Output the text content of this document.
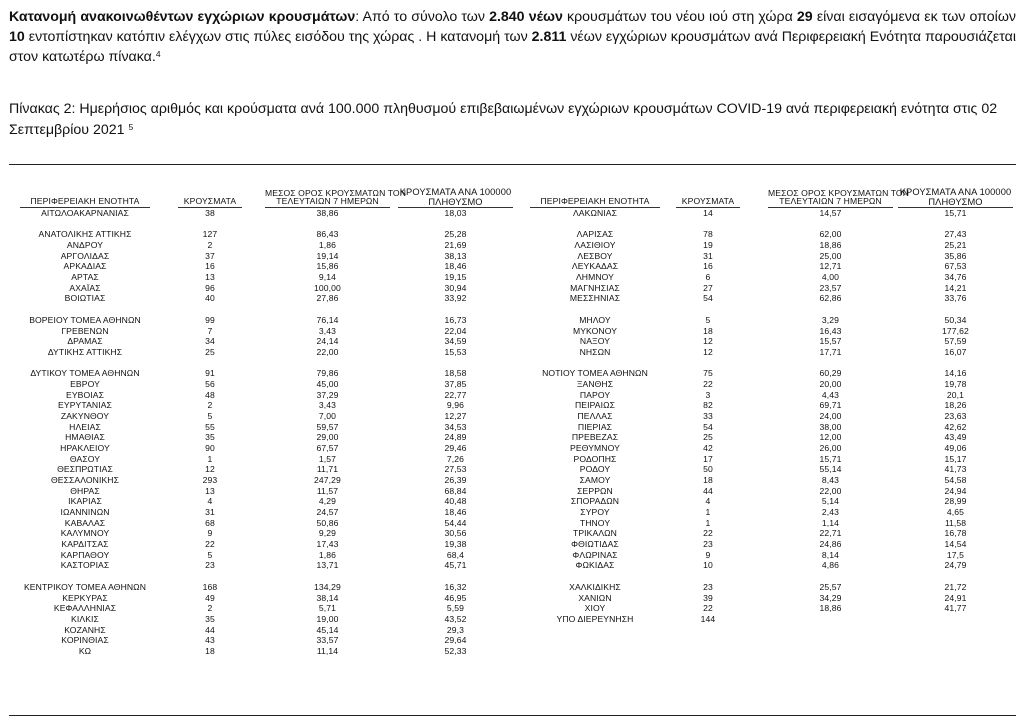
Κατανομή ανακοινωθέντων εγχώριων κρουσμάτων: Από το σύνολο των 2.840 νέων κρουσμάτων του νέου ιού στη χώρα 29 είναι εισαγόμενα εκ των οποίων 10 εντοπίστηκαν κατόπιν ελέγχων στις πύλες εισόδου της χώρας . Η κατανομή των 2.811 νέων εγχώριων κρουσμάτων ανά Περιφερειακή Ενότητα παρουσιάζεται στον κατωτέρω πίνακα.$^4$
Πίνακας 2: Ημερήσιος αριθμός και κρούσματα ανά 100.000 πληθυσμού επιβεβαιωμένων εγχώριων κρουσμάτων COVID-19 ανά περιφερειακή ενότητα στις 02 Σεπτεμβρίου 2021 $^5$
ΠΕΡΙΦΕΡΕΙΑΚΗ ΕΝΟΤΗΤΑ	ΚΡΟΥΣΜΑΤΑ
ΜΕΣΟΣ ΟΡΟΣ ΚΡΟΥΣΜΑΤΩΝ ΤΟΝ
ΤΕΛΕΥΤΑΙΩΝ 7 ΗΜΕΡΩΝ
ΚΡΟΥΣΜΑΤΑ ΑΝΑ 100000
ΠΛΗΘΥΣΜΟ	ΠΕΡΙΦΕΡΕΙΑΚΗ ΕΝΟΤΗΤΑ	ΚΡΟΥΣΜΑΤΑ
ΜΕΣΟΣ ΟΡΟΣ ΚΡΟΥΣΜΑΤΩΝ ΤΟΝ
ΤΕΛΕΥΤΑΙΩΝ 7 ΗΜΕΡΩΝ
ΚΡΟΥΣΜΑΤΑ ΑΝΑ 100000
ΠΛΗΘΥΣΜΟ
ΑΙΤΩΛΟΑΚΑΡΝΑΝΙΑΣ	38	38,86	18,03
ΑΝΑΤΟΛΙΚΗΣ ΑΤΤΙΚΗΣ	127	86,43	25,28
ΑΝΔΡΟΥ	2	1,86	21,69
ΑΡΓΟΛΙΔΑΣ	37	19,14	38,13
ΑΡΚΑΔΙΑΣ	16	15,86	18,46
ΑΡΤΑΣ	13	9,14	19,15
ΑΧΑΪΑΣ	96	100,00	30,94
ΒΟΙΩΤΙΑΣ	40	27,86	33,92
ΒΟΡΕΙΟΥ ΤΟΜΕΑ ΑΘΗΝΩΝ	99	76,14	16,73
ΓΡΕΒΕΝΩΝ	7	3,43	22,04
ΔΡΑΜΑΣ	34	24,14	34,59
ΔΥΤΙΚΗΣ ΑΤΤΙΚΗΣ	25	22,00	15,53
ΔΥΤΙΚΟΥ ΤΟΜΕΑ ΑΘΗΝΩΝ	91	79,86	18,58
ΕΒΡΟΥ	56	45,00	37,85
ΕΥΒΟΙΑΣ	48	37,29	22,77
ΕΥΡΥΤΑΝΙΑΣ	2	3,43	9,96
ΖΑΚΥΝΘΟΥ	5	7,00	12,27
ΗΛΕΙΑΣ	55	59,57	34,53
ΗΜΑΘΙΑΣ	35	29,00	24,89
ΗΡΑΚΛΕΙΟΥ	90	67,57	29,46
ΘΑΣΟΥ	1	1,57	7,26
ΘΕΣΠΡΩΤΙΑΣ	12	11,71	27,53
ΘΕΣΣΑΛΟΝΙΚΗΣ	293	247,29	26,39
ΘΗΡΑΣ	13	11,57	68,84
ΙΚΑΡΙΑΣ	4	4,29	40,48
ΙΩΑΝΝΙΝΩΝ	31	24,57	18,46
ΚΑΒΑΛΑΣ	68	50,86	54,44
ΚΑΛΥΜΝΟΥ	9	9,29	30,56
ΚΑΡΔΙΤΣΑΣ	22	17,43	19,38
ΚΑΡΠΑΘΟΥ	5	1,86	68,4
ΚΑΣΤΟΡΙΑΣ	23	13,71	45,71
ΚΕΝΤΡΙΚΟΥ ΤΟΜΕΑ ΑΘΗΝΩΝ	168	134,29	16,32
ΚΕΡΚΥΡΑΣ	49	38,14	46,95
ΚΕΦΑΛΛΗΝΙΑΣ	2	5,71	5,59
ΚΙΛΚΙΣ	35	19,00	43,52
ΚΟΖΑΝΗΣ	44	45,14	29,3
ΚΟΡΙΝΘΙΑΣ	43	33,57	29,64
ΚΩ	18	11,14	52,33
ΛΑΚΩΝΙΑΣ	14	14,57	15,71
ΛΑΡΙΣΑΣ	78	62,00	27,43
ΛΑΣΙΘΙΟΥ	19	18,86	25,21
ΛΕΣΒΟΥ	31	25,00	35,86
ΛΕΥΚΑΔΑΣ	16	12,71	67,53
ΛΗΜΝΟΥ	6	4,00	34,76
ΜΑΓΝΗΣΙΑΣ	27	23,57	14,21
ΜΕΣΣΗΝΙΑΣ	54	62,86	33,76
ΜΗΛΟΥ	5	3,29	50,34
ΜΥΚΟΝΟΥ	18	16,43	177,62
ΝΑΞΟΥ	12	15,57	57,59
ΝΗΣΩΝ	12	17,71	16,07
ΝΟΤΙΟΥ ΤΟΜΕΑ ΑΘΗΝΩΝ	75	60,29	14,16
ΞΑΝΘΗΣ	22	20,00	19,78
ΠΑΡΟΥ	3	4,43	20,1
ΠΕΙΡΑΙΩΣ	82	69,71	18,26
ΠΕΛΛΑΣ	33	24,00	23,63
ΠΙΕΡΙΑΣ	54	38,00	42,62
ΠΡΕΒΕΖΑΣ	25	12,00	43,49
ΡΕΘΥΜΝΟΥ	42	26,00	49,06
ΡΟΔΟΠΗΣ	17	15,71	15,17
ΡΟΔΟΥ	50	55,14	41,73
ΣΑΜΟΥ	18	8,43	54,58
ΣΕΡΡΩΝ	44	22,00	24,94
ΣΠΟΡΑΔΩΝ	4	5,14	28,99
ΣΥΡΟΥ	1	2,43	4,65
ΤΗΝΟΥ	1	1,14	11,58
ΤΡΙΚΑΛΩΝ	22	22,71	16,78
ΦΘΙΩΤΙΔΑΣ	23	24,86	14,54
ΦΛΩΡΙΝΑΣ	9	8,14	17,5
ΦΩΚΙΔΑΣ	10	4,86	24,79
ΧΑΛΚΙΔΙΚΗΣ	23	25,57	21,72
ΧΑΝΙΩΝ	39	34,29	24,91
ΧΙΟΥ	22	18,86	41,77
ΥΠΟ ΔΙΕΡΕΥΝΗΣΗ	144
